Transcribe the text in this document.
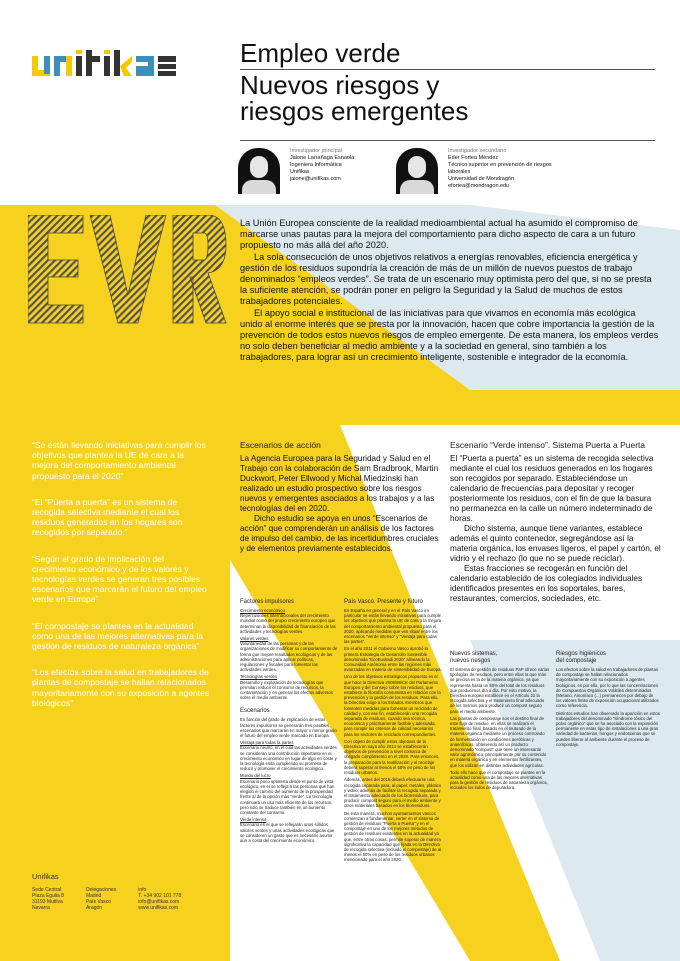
Empleo verde
Nuevos riesgos y
riesgos emergentes
Investigador principal
Jaione Larrañaga Esnaola
Ingeniera Informática
Unifikas
jaione@unifikas.com
Investigador secundario
Eder Fortea Méndez
Técnico superior en prevención de riesgos laborales
Universidad de Mondragón
efortea@mondragon.edu

La Unión Europea consciente de la realidad medioambiental actual ha asumido el compromiso de marcarse unas pautas para la mejora del comportamiento para dicho aspecto de cara a un futuro propuesto no más allá del año 2020.

La sola consecución de unos objetivos relativos a energías renovables, eficiencia energética y gestión de los residuos supondría la creación de más de un millón de nuevos puestos de trabajo denominados “empleos verdes”. Se trata de un escenario muy optimista pero del que, si no se presta la suficiente atención, se podrán poner en peligro la Seguridad y la Salud de muchos de estos trabajadores potenciales.

El apoyo social e institucional de las iniciativas para que vivamos en economía más ecológica unido al enorme interés que se presta por la innovación, hacen que cobre importancia la gestión de la prevención de todos estos nuevos riesgos de empleo emergente. De esta manera, los empleos verdes no solo deben beneficiar al medio ambiente y a la sociedad en general, sino también a los trabajadores, para lograr así un crecimiento inteligente, sostenible e integrador de la economía.

“Se están llevando iniciativas para cumplir los objetivos que plantea la UE de cara a la mejora del comportamiento ambiental propuesto para el 2020”
“El “Puerta a puerta” es un sistema de recogida selectiva mediante el cual los residuos generados en los hogares son recogidos por separado.”
“Según el grado de implicación del crecimiento económico y de los valores y tecnologías verdes se generan tres posibles escenarios que marcarán el futuro del empleo verde en Europa”
“El compostaje se plantea en la actualidad como una de las mejores alternativas para la gestión de residuos de naturaleza orgánica”
“Los efectos sobre la salud en trabajadores de plantas de compostaje se hallan relacionados mayoritariamente con su exposición a agentes biológicos”
Escenarios de acción

La Agencia Europea para la Seguridad y Salud en el Trabajo con la colaboración de Sam Bradbrook, Martin Duckwort, Peter Ellwood y Michal Miedzinski han realizado un estudio prospectivo sobre los riesgos nuevos y emergentes asociados a los trabajos y a las tecnologías del en 2020.

Dicho estudio se apoya en unos “Escenarios de acción” que comprenderán un análisis de los factores de impulso del cambio, de las incertidumbres cruciales y de elementos previamente establecidos.

Escenario “Verde intenso”. Sistema Puerta a Puerta

El “Puerta a puerta” es un sistema de recogida selectiva mediante el cual los residuos generados en los hogares son recogidos por separado. Estableciéndose un calendario de frecuencias para depositar y recoger posteriormente los residuos, con el fin de que la basura no permanezca en la calle un número indeterminado de horas.

Dicho sistema, aunque tiene variantes, establece además el quinto contenedor, segregándose así la materia orgánica, los envases ligeros, el papel y cartón, el vidrio y el rechazo (lo que no se puede reciclar).

Estas fracciones se recogerán en función del calendario establecido de los colegiados individuales identificados presentes en los soportales, bares, restaurantes, comercios, sociedades, etc.

Factores impulsores
Crecimiento económico

Repercusiones internacionales del crecimiento mundial como del propio crecimiento europeo que determinan la disponibilidad de financiación de las actividades y tecnologías verdes.

Valores verdes

Voluntariedad de las personas y de las organizaciones de modificar su comportamiento de forma que mejore resultados ecológicos y de las administraciones para aplicar políticas, regulaciones y fiscales para fomentar las actividades verdes.

Tecnologías verdes

Desarrollo y explotación de tecnologías que permitan reducir el consumo de recursos, la contaminación y en general los efectos adversos sobre el medio ambiente.

Escenarios

En función del grado de implicación de estos factores impulsores se generarán tres posibles escenarios que marcarán en mayor o menor grado el futuro del empleo verde marcado en Europa.

Ventaja para todas la partes

Escenario neutro, en el cual las actividades verdes se consideran una contribución importante en el crecimiento económico en lugar de algo en coste y la tecnología evita cumpliendo su promesa de reducir y promover el crecimiento ecológico.

Mundo del lucro

Escenario poco optimista desde el punto de vista ecológico, en el se refleja a las personas que han elegido el camino del aumento de la prosperidad frente al de la opción más “verde”. La tecnología continuará un uso más eficiente de los recursos, pero solo se traduce también en un aumento constante del consumo.

Verde intenso

Escenario en el que se reflejarán unos sólidos valores verdes y unas actividades ecológicas que se consideren un gasto que es necesario asumir aún a costa del crecimiento económico.

País Vasco. Presente y futuro

En España en general y en el País Vasco en particular se están llevando iniciativas para cumplir los objetivos que plantea la UE de cara a la mejora del comportamiento ambiental propuesto para el 2020, aplicando medidas que ven situar entre los escenarios “Verde intenso” y “Ventaja para todas las partes”.

En el año 2011 el Gobierno Vasco aprobó la primera Estrategia de Desarrollo Sostenible denominada “EcoEuskadi 2020” alineando la Comunidad Autónoma entre las regiones más avanzadas en materia de sostenibilidad de Europa.

Uno de los objetivos estratégicos propuesto es el que hace la Directiva 2008/98/CE del Parlamento Europeo y del Consejo sobre los residuos, que establece la filosofía consumista en relación con la prevención y la gestión de los residuos. Para ello, la Directiva exige a los Estados miembros que fomenten medidas para fomentar un reciclado de calidad y, con ese fin, establecerán una recogida separada de residuos, cuando sea técnica, económica y prácticamente factible y adecuada, para cumplir los criterios de calidad necesarios para los sectores de reciclado correspondientes.

Con objeto de cumplir estos objetivos de la Directiva en vaya año 2014 se establecerán objetivos de prevención a nivel comarca de obligado cumplimiento en el 2020. Para entonces, la preparación para la reutilización y el reciclaje deberá superar al menos el 50% en peso de los residuos urbanos.

Además, antes del 2015 deberá efectuarse una recogida separada para, al papel, metales, plástico y vidrio; además de facilitar la recogida separada y el tratamiento adecuado de los biorresiduos, para producir compost seguro para el medio ambiente y otros materiales basados en los biorresiduos.

De esta manera, muchos ayuntamientos vascos comienzan a fundamentar, verter en el sistema de gestión de residuos “Puerta a Puerta” y en el compostaje en uno de los mejores métodos de gestión de residuos existentes en la actualidad ya que, entre otras cosas, permite superar de manera significativa la capacidad que fijada en la Directiva de recogida selectiva (incluido el compostaje) de al menos el 50% en peso de los residuos urbanos mencionado para el año 2020.

Nuevos sistemas,
nuevos riesgos

El sistema de gestión de residuos PaP ofrece varias tipologías de residuos, pero entre ellas la que más se precisa es la de la materia orgánica, ya que representa hasta un 50% del total de los residuos que producimos día a día. Por esto motivo, la Directiva europea establece en el Artículo 22 la recogida selectiva y el tratamiento final adecuado de los mismos para producir un compost seguro para el medio ambiente.

Las plantas de compostaje son el destino final de este flujo de residuo, en ellas se realizará el tratamiento final, basado en el mutuado de la materia orgánica mediante un proceso controlado de fermentación en condiciones aeróbicas y anaeróbicas, obteniendo así un producto denominado “compost” que tiene un interesante valor agronómico, principalmente por su contenido en materia orgánica y en elementos fertilizantes, que los utilizan en distintas actividades agrícolas.

Todo ello hace que el compostaje se plantee en la actualidad como una de las mejores alternativas para la gestión de residuos de naturaleza orgánica, incluidos los lodos de depuradora.

Riesgos higiénicos
del compostaje

Los efectos sobre la salud en trabajadores de plantas de compostaje se hallan relacionados mayoritariamente con su exposición a agentes biológicos, es por ello, por lo que las concentraciones de Compuestos Orgánicos Volátiles determinados (Metano, Amoníaco (...) permanecen por debajo de los valores límite de exposición ocupacional utilizados como referencia.

Distintos estudios han observado la aparición en estos trabajadores del denominado “Síndrome tóxico del polvo orgánico” que se ha asociado con la exposición permanente en estas tipo de instalaciones a una gran variedad de bacterias, hongos y endotoxinas que se pueden liberar al ambiente durante el proceso de compostaje.

Unifikas
Sede Central
Plaza Egulia 8
31193 Mutilva
Navarra
Delegaciones
Madrid
País Vasco
Aragón
info
T. +34 902 101 778
info@unifikas.com
www.unifikas.com
